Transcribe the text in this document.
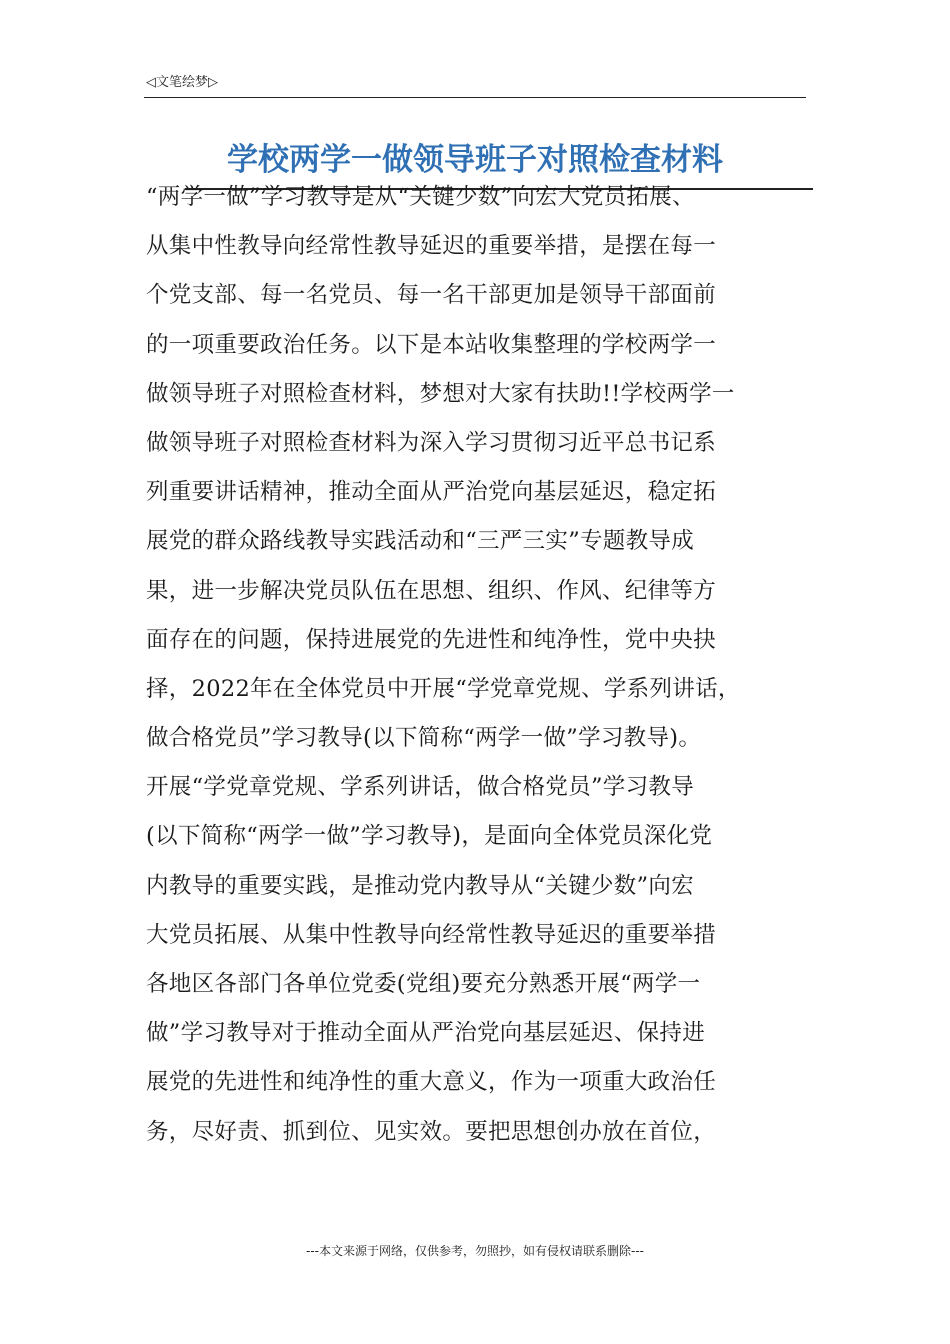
◁文笔绘梦▷
学校两学一做领导班子对照检查材料
“两学一做”学习教导是从“关键少数”向宏大党员拓展、
从集中性教导向经常性教导延迟的重要举措，是摆在每一
个党支部、每一名党员、每一名干部更加是领导干部面前
的一项重要政治任务。以下是本站收集整理的学校两学一
做领导班子对照检查材料，梦想对大家有扶助!!学校两学一
做领导班子对照检查材料为深入学习贯彻习近平总书记系
列重要讲话精神，推动全面从严治党向基层延迟，稳定拓
展党的群众路线教导实践活动和“三严三实”专题教导成
果，进一步解决党员队伍在思想、组织、作风、纪律等方
面存在的问题，保持进展党的先进性和纯净性，党中央抉
择，2022年在全体党员中开展“学党章党规、学系列讲话，
做合格党员”学习教导(以下简称“两学一做”学习教导)。
开展“学党章党规、学系列讲话，做合格党员”学习教导
(以下简称“两学一做”学习教导)，是面向全体党员深化党
内教导的重要实践，是推动党内教导从“关键少数”向宏
大党员拓展、从集中性教导向经常性教导延迟的重要举措
各地区各部门各单位党委(党组)要充分熟悉开展“两学一
做”学习教导对于推动全面从严治党向基层延迟、保持进
展党的先进性和纯净性的重大意义，作为一项重大政治任
务，尽好责、抓到位、见实效。要把思想创办放在首位，
---本文来源于网络，仅供参考，勿照抄，如有侵权请联系删除---
